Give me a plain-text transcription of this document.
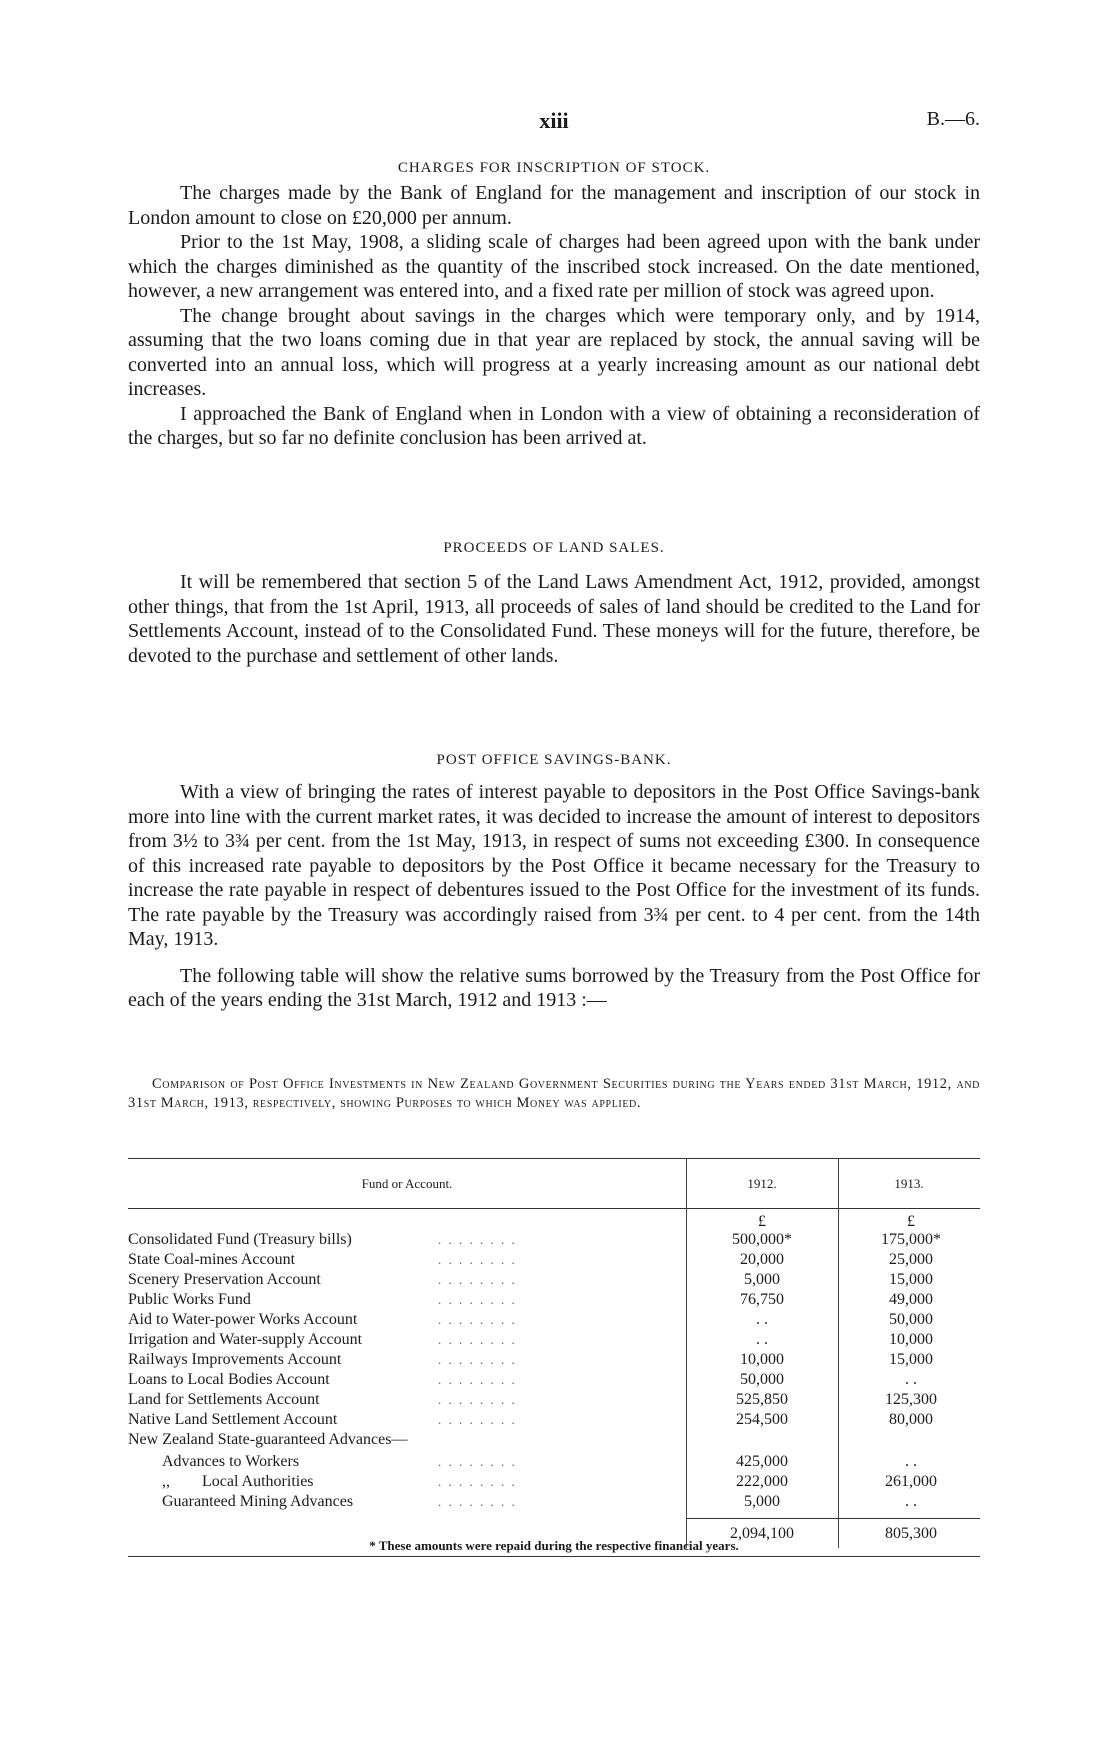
xiii	B.—6.
CHARGES FOR INSCRIPTION OF STOCK.

The charges made by the Bank of England for the management and inscription of our stock in London amount to close on £20,000 per annum.

Prior to the 1st May, 1908, a sliding scale of charges had been agreed upon with the bank under which the charges diminished as the quantity of the inscribed stock increased. On the date mentioned, however, a new arrangement was entered into, and a fixed rate per million of stock was agreed upon.

The change brought about savings in the charges which were temporary only, and by 1914, assuming that the two loans coming due in that year are replaced by stock, the annual saving will be converted into an annual loss, which will progress at a yearly increasing amount as our national debt increases.

I approached the Bank of England when in London with a view of obtaining a reconsideration of the charges, but so far no definite conclusion has been arrived at.

PROCEEDS OF LAND SALES.

It will be remembered that section 5 of the Land Laws Amendment Act, 1912, provided, amongst other things, that from the 1st April, 1913, all proceeds of sales of land should be credited to the Land for Settlements Account, instead of to the Consolidated Fund. These moneys will for the future, therefore, be devoted to the purchase and settlement of other lands.

POST OFFICE SAVINGS-BANK.

With a view of bringing the rates of interest payable to depositors in the Post Office Savings-bank more into line with the current market rates, it was decided to increase the amount of interest to depositors from 3½ to 3¾ per cent. from the 1st May, 1913, in respect of sums not exceeding £300. In consequence of this increased rate payable to depositors by the Post Office it became necessary for the Treasury to increase the rate payable in respect of debentures issued to the Post Office for the investment of its funds. The rate payable by the Treasury was accordingly raised from 3¾ per cent. to 4 per cent. from the 14th May, 1913.

The following table will show the relative sums borrowed by the Treasury from the Post Office for each of the years ending the 31st March, 1912 and 1913 :—

Comparison of Post Office Investments in New Zealand Government Securities during the Years ended 31st March, 1912, and 31st March, 1913, respectively, showing Purposes to which Money was applied.
Fund or Account.	1912.	1913.
£	£
Consolidated Fund (Treasury bills)	. . . . . . . .	500,000*	175,000*
State Coal-mines Account	. . . . . . . .	20,000	25,000
Scenery Preservation Account	. . . . . . . .	5,000	15,000
Public Works Fund	. . . . . . . .	76,750	49,000
Aid to Water-power Works Account	. . . . . . . .	. .	50,000
Irrigation and Water-supply Account	. . . . . . . .	. .	10,000
Railways Improvements Account	. . . . . . . .	10,000	15,000
Loans to Local Bodies Account	. . . . . . . .	50,000	. .
Land for Settlements Account	. . . . . . . .	525,850	125,300
Native Land Settlement Account	. . . . . . . .	254,500	80,000
New Zealand State-guaranteed Advances—
Advances to Workers	. . . . . . . .	425,000	. .
,,        Local Authorities	. . . . . . . .	222,000	261,000
Guaranteed Mining Advances	. . . . . . . .	5,000	. .
2,094,100	805,300
* These amounts were repaid during the respective financial years.
